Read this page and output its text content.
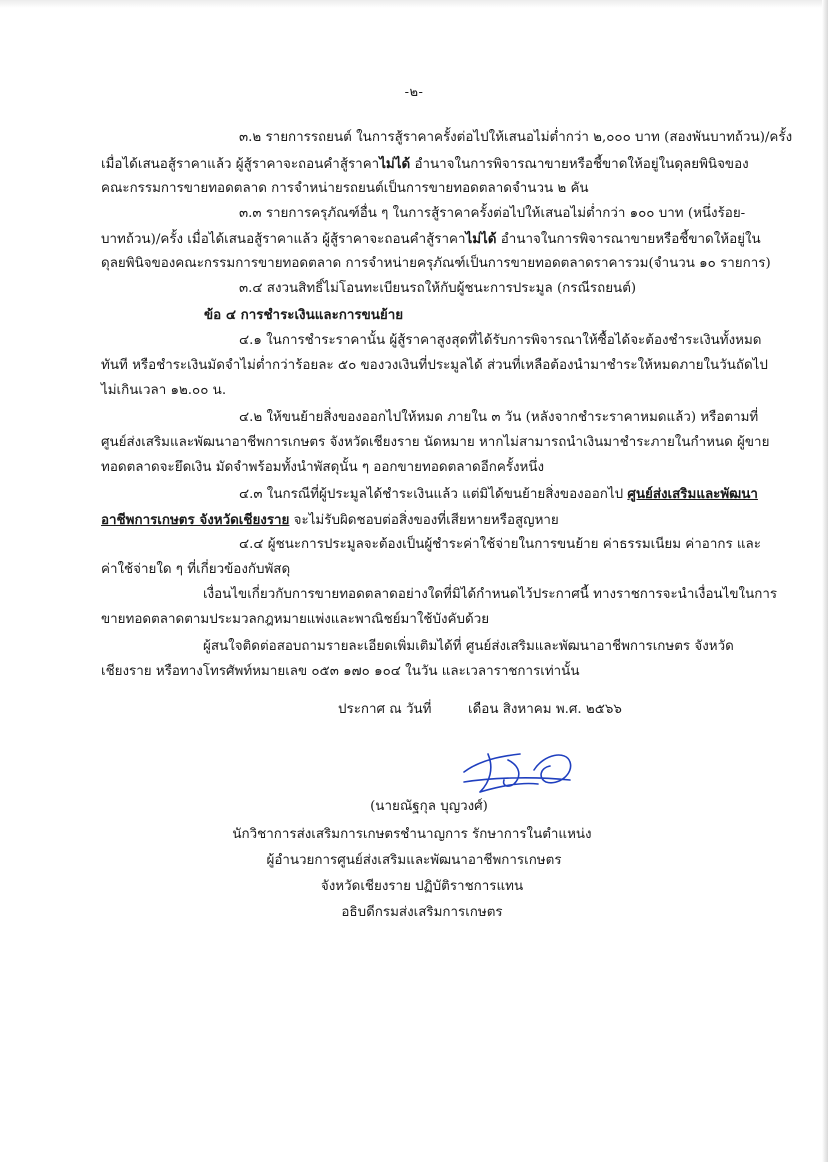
-๒-
๓.๒ รายการรถยนต์ ในการสู้ราคาครั้งต่อไปให้เสนอไม่ต่ำกว่า ๒,๐๐๐ บาท (สองพันบาทถ้วน)/ครั้ง
เมื่อได้เสนอสู้ราคาแล้ว ผู้สู้ราคาจะถอนคำสู้ราคาไม่ได้ อำนาจในการพิจารณาขายหรือชี้ขาดให้อยู่ในดุลยพินิจของ
คณะกรรมการขายทอดตลาด การจำหน่ายรถยนต์เป็นการขายทอดตลาดจำนวน ๒ คัน
๓.๓ รายการครุภัณฑ์อื่น ๆ ในการสู้ราคาครั้งต่อไปให้เสนอไม่ต่ำกว่า ๑๐๐ บาท (หนึ่งร้อย-
บาทถ้วน)/ครั้ง เมื่อได้เสนอสู้ราคาแล้ว ผู้สู้ราคาจะถอนคำสู้ราคาไม่ได้ อำนาจในการพิจารณาขายหรือชี้ขาดให้อยู่ใน
ดุลยพินิจของคณะกรรมการขายทอดตลาด การจำหน่ายครุภัณฑ์เป็นการขายทอดตลาดราคารวม(จำนวน ๑๐ รายการ)
๓.๔ สงวนสิทธิ์ไม่โอนทะเบียนรถให้กับผู้ชนะการประมูล (กรณีรถยนต์)
ข้อ ๔ การชำระเงินและการขนย้าย
๔.๑ ในการชำระราคานั้น ผู้สู้ราคาสูงสุดที่ได้รับการพิจารณาให้ซื้อได้จะต้องชำระเงินทั้งหมด
ทันที หรือชำระเงินมัดจำไม่ต่ำกว่าร้อยละ ๕๐ ของวงเงินที่ประมูลได้ ส่วนที่เหลือต้องนำมาชำระให้หมดภายในวันถัดไป
ไม่เกินเวลา ๑๒.๐๐ น.
๔.๒ ให้ขนย้ายสิ่งของออกไปให้หมด ภายใน ๓ วัน (หลังจากชำระราคาหมดแล้ว) หรือตามที่
ศูนย์ส่งเสริมและพัฒนาอาชีพการเกษตร จังหวัดเชียงราย นัดหมาย หากไม่สามารถนำเงินมาชำระภายในกำหนด ผู้ขาย
ทอดตลาดจะยึดเงิน มัดจำพร้อมทั้งนำพัสดุนั้น ๆ ออกขายทอดตลาดอีกครั้งหนึ่ง
๔.๓ ในกรณีที่ผู้ประมูลได้ชำระเงินแล้ว แต่มิได้ขนย้ายสิ่งของออกไป ศูนย์ส่งเสริมและพัฒนา
อาชีพการเกษตร จังหวัดเชียงราย จะไม่รับผิดชอบต่อสิ่งของที่เสียหายหรือสูญหาย
๔.๔ ผู้ชนะการประมูลจะต้องเป็นผู้ชำระค่าใช้จ่ายในการขนย้าย ค่าธรรมเนียม ค่าอากร และ
ค่าใช้จ่ายใด ๆ ที่เกี่ยวข้องกับพัสดุ
เงื่อนไขเกี่ยวกับการขายทอดตลาดอย่างใดที่มิได้กำหนดไว้ประกาศนี้ ทางราชการจะนำเงื่อนไขในการ
ขายทอดตลาดตามประมวลกฎหมายแพ่งและพาณิชย์มาใช้บังคับด้วย
ผู้สนใจติดต่อสอบถามรายละเอียดเพิ่มเติมได้ที่ ศูนย์ส่งเสริมและพัฒนาอาชีพการเกษตร จังหวัด
เชียงราย หรือทางโทรศัพท์หมายเลข ๐๕๓ ๑๗๐ ๑๐๔ ในวัน และเวลาราชการเท่านั้น
ประกาศ ณ วันที่	เดือน สิงหาคม พ.ศ. ๒๕๖๖
(นายณัฐกุล บุญวงศ์)
นักวิชาการส่งเสริมการเกษตรชำนาญการ รักษาการในตำแหน่ง
ผู้อำนวยการศูนย์ส่งเสริมและพัฒนาอาชีพการเกษตร
จังหวัดเชียงราย ปฏิบัติราชการแทน
อธิบดีกรมส่งเสริมการเกษตร
